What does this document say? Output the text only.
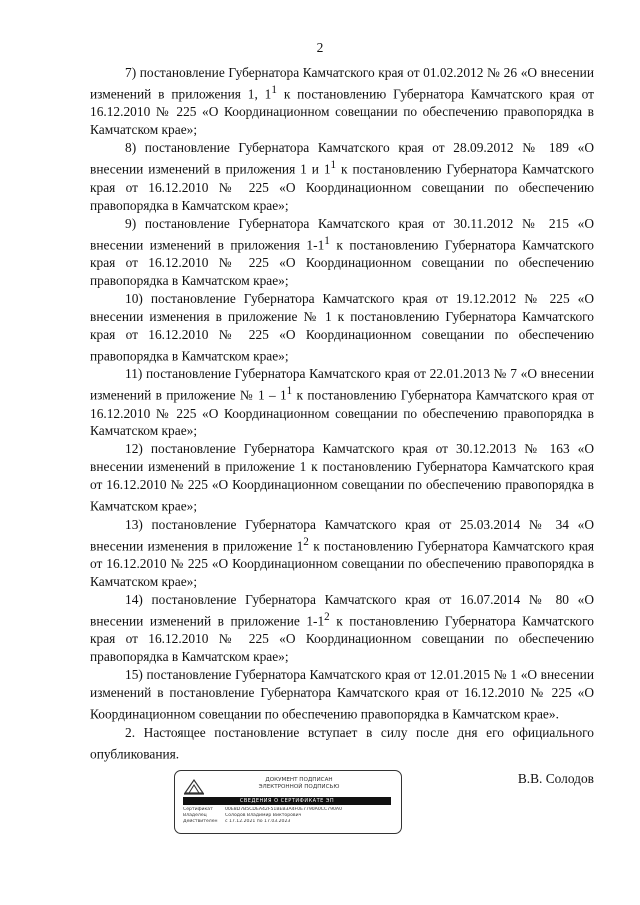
2

7) постановление Губернатора Камчатского края от 01.02.2012 № 26 «О внесении изменений в приложения 1, $1^1$ к постановлению Губернатора Камчатского края от 16.12.2010 № 225 «О Координационном совещании по обеспечению правопорядка в Камчатском крае»;

8) постановление Губернатора Камчатского края от 28.09.2012 № 189 «О внесении изменений в приложения 1 и $1^1$ к постановлению Губернатора Камчатского края от 16.12.2010 № 225 «О Координационном совещании по обеспечению правопорядка в Камчатском крае»;

9) постановление Губернатора Камчатского края от 30.11.2012 № 215 «О внесении изменений в приложения $1-1^1$ к постановлению Губернатора Камчатского края от 16.12.2010 № 225 «О Координационном совещании по обеспечению правопорядка в Камчатском крае»;

10) постановление Губернатора Камчатского края от 19.12.2012 № 225 «О внесении изменения в приложение № 1 к постановлению Губернатора Камчатского края от 16.12.2010 № 225 «О Координационном совещании по обеспечению правопорядка в Камчатском крае»;

11) постановление Губернатора Камчатского края от 22.01.2013 № 7 «О внесении изменений в приложение № $1 - 1^1$ к постановлению Губернатора Камчатского края от 16.12.2010 № 225 «О Координационном совещании по обеспечению правопорядка в Камчатском крае»;

12) постановление Губернатора Камчатского края от 30.12.2013 № 163 «О внесении изменений в приложение 1 к постановлению Губернатора Камчатского края от 16.12.2010 № 225 «О Координационном совещании по обеспечению правопорядка в Камчатском крае»;

13) постановление Губернатора Камчатского края от 25.03.2014 № 34 «О внесении изменения в приложение $1^2$ к постановлению Губернатора Камчатского края от 16.12.2010 № 225 «О Координационном совещании по обеспечению правопорядка в Камчатском крае»;

14) постановление Губернатора Камчатского края от 16.07.2014 № 80 «О внесении изменений в приложение $1-1^2$ к постановлению Губернатора Камчатского края от 16.12.2010 № 225 «О Координационном совещании по обеспечению правопорядка в Камчатском крае»;

15) постановление Губернатора Камчатского края от 12.01.2015 № 1 «О внесении изменений в постановление Губернатора Камчатского края от 16.12.2010 № 225 «О Координационном совещании по обеспечению правопорядка в Камчатском крае».

2. Настоящее постановление вступает в силу после дня его официального опубликования.

ДОКУМЕНТ ПОДПИСАН
ЭЛЕКТРОННОЙ ПОДПИСЬЮ
СВЕДЕНИЯ О СЕРТИФИКАТЕ ЭП
Сертификат	00E8D7B5CDEA42F51BEB3A4F0E7790A0CC790A0
Владелец	Солодов Владимир Викторович
Действителен	с 17.12.2021 по 17.03.2023
В.В. Солодов
